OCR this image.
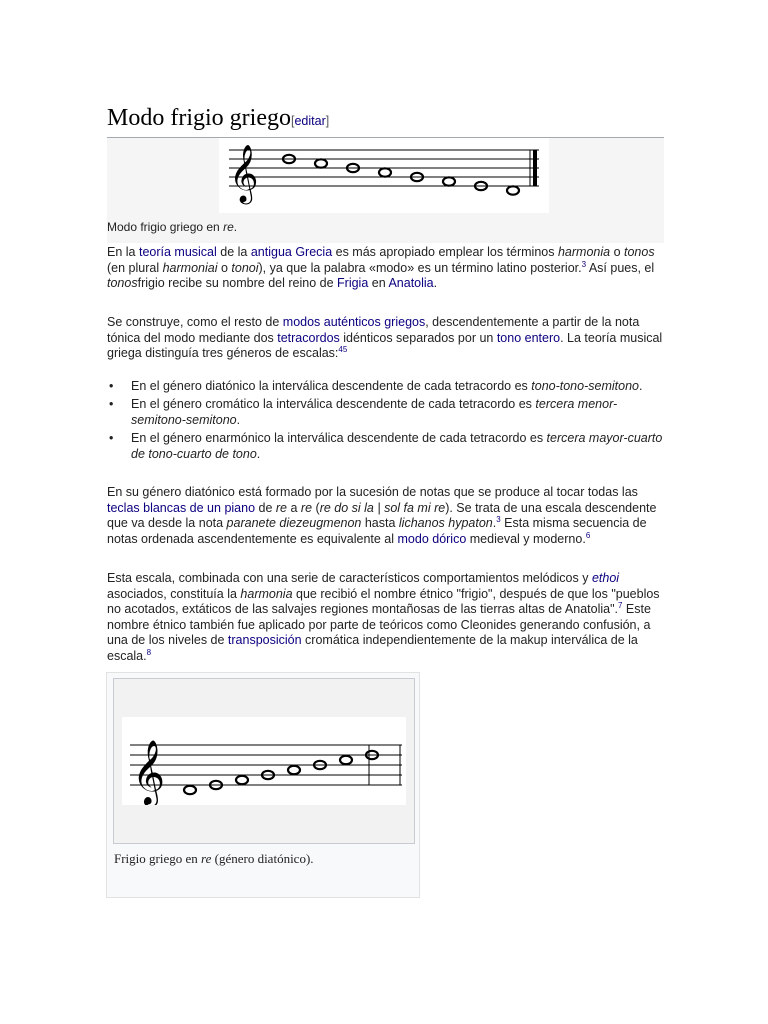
Modo frigio griego[editar]
𝄞
Modo frigio griego en re.
En la teoría musical de la antigua Grecia es más apropiado emplear los términos harmonia o tonos (en plural harmoniai o tonoi), ya que la palabra «modo» es un término latino posterior.$^3$ Así pues, el tonosfrigio recibe su nombre del reino de Frigia en Anatolia.
Se construye, como el resto de modos auténticos griegos, descendentemente a partir de la nota tónica del modo mediante dos tetracordos idénticos separados por un tono entero. La teoría musical griega distinguía tres géneros de escalas:$^{45}$
• En el género diatónico la interválica descendente de cada tetracordo es tono-tono-semitono.
• En el género cromático la interválica descendente de cada tetracordo es tercera menor-semitono-semitono.
• En el género enarmónico la interválica descendente de cada tetracordo es tercera mayor-cuarto de tono-cuarto de tono.
En su género diatónico está formado por la sucesión de notas que se produce al tocar todas las teclas blancas de un piano de re a re (re do si la | sol fa mi re). Se trata de una escala descendente que va desde la nota paranete diezeugmenon hasta lichanos hypaton.$^3$ Esta misma secuencia de notas ordenada ascendentemente es equivalente al modo dórico medieval y moderno.$^6$
Esta escala, combinada con una serie de característicos comportamientos melódicos y ethoi asociados, constituía la harmonia que recibió el nombre étnico "frigio", después de que los "pueblos no acotados, extáticos de las salvajes regiones montañosas de las tierras altas de Anatolia".$^7$ Este nombre étnico también fue aplicado por parte de teóricos como Cleonides generando confusión, a una de los niveles de transposición cromática independientemente de la makup interválica de la escala.$^8$
𝄞
Frigio griego en re (género diatónico).
